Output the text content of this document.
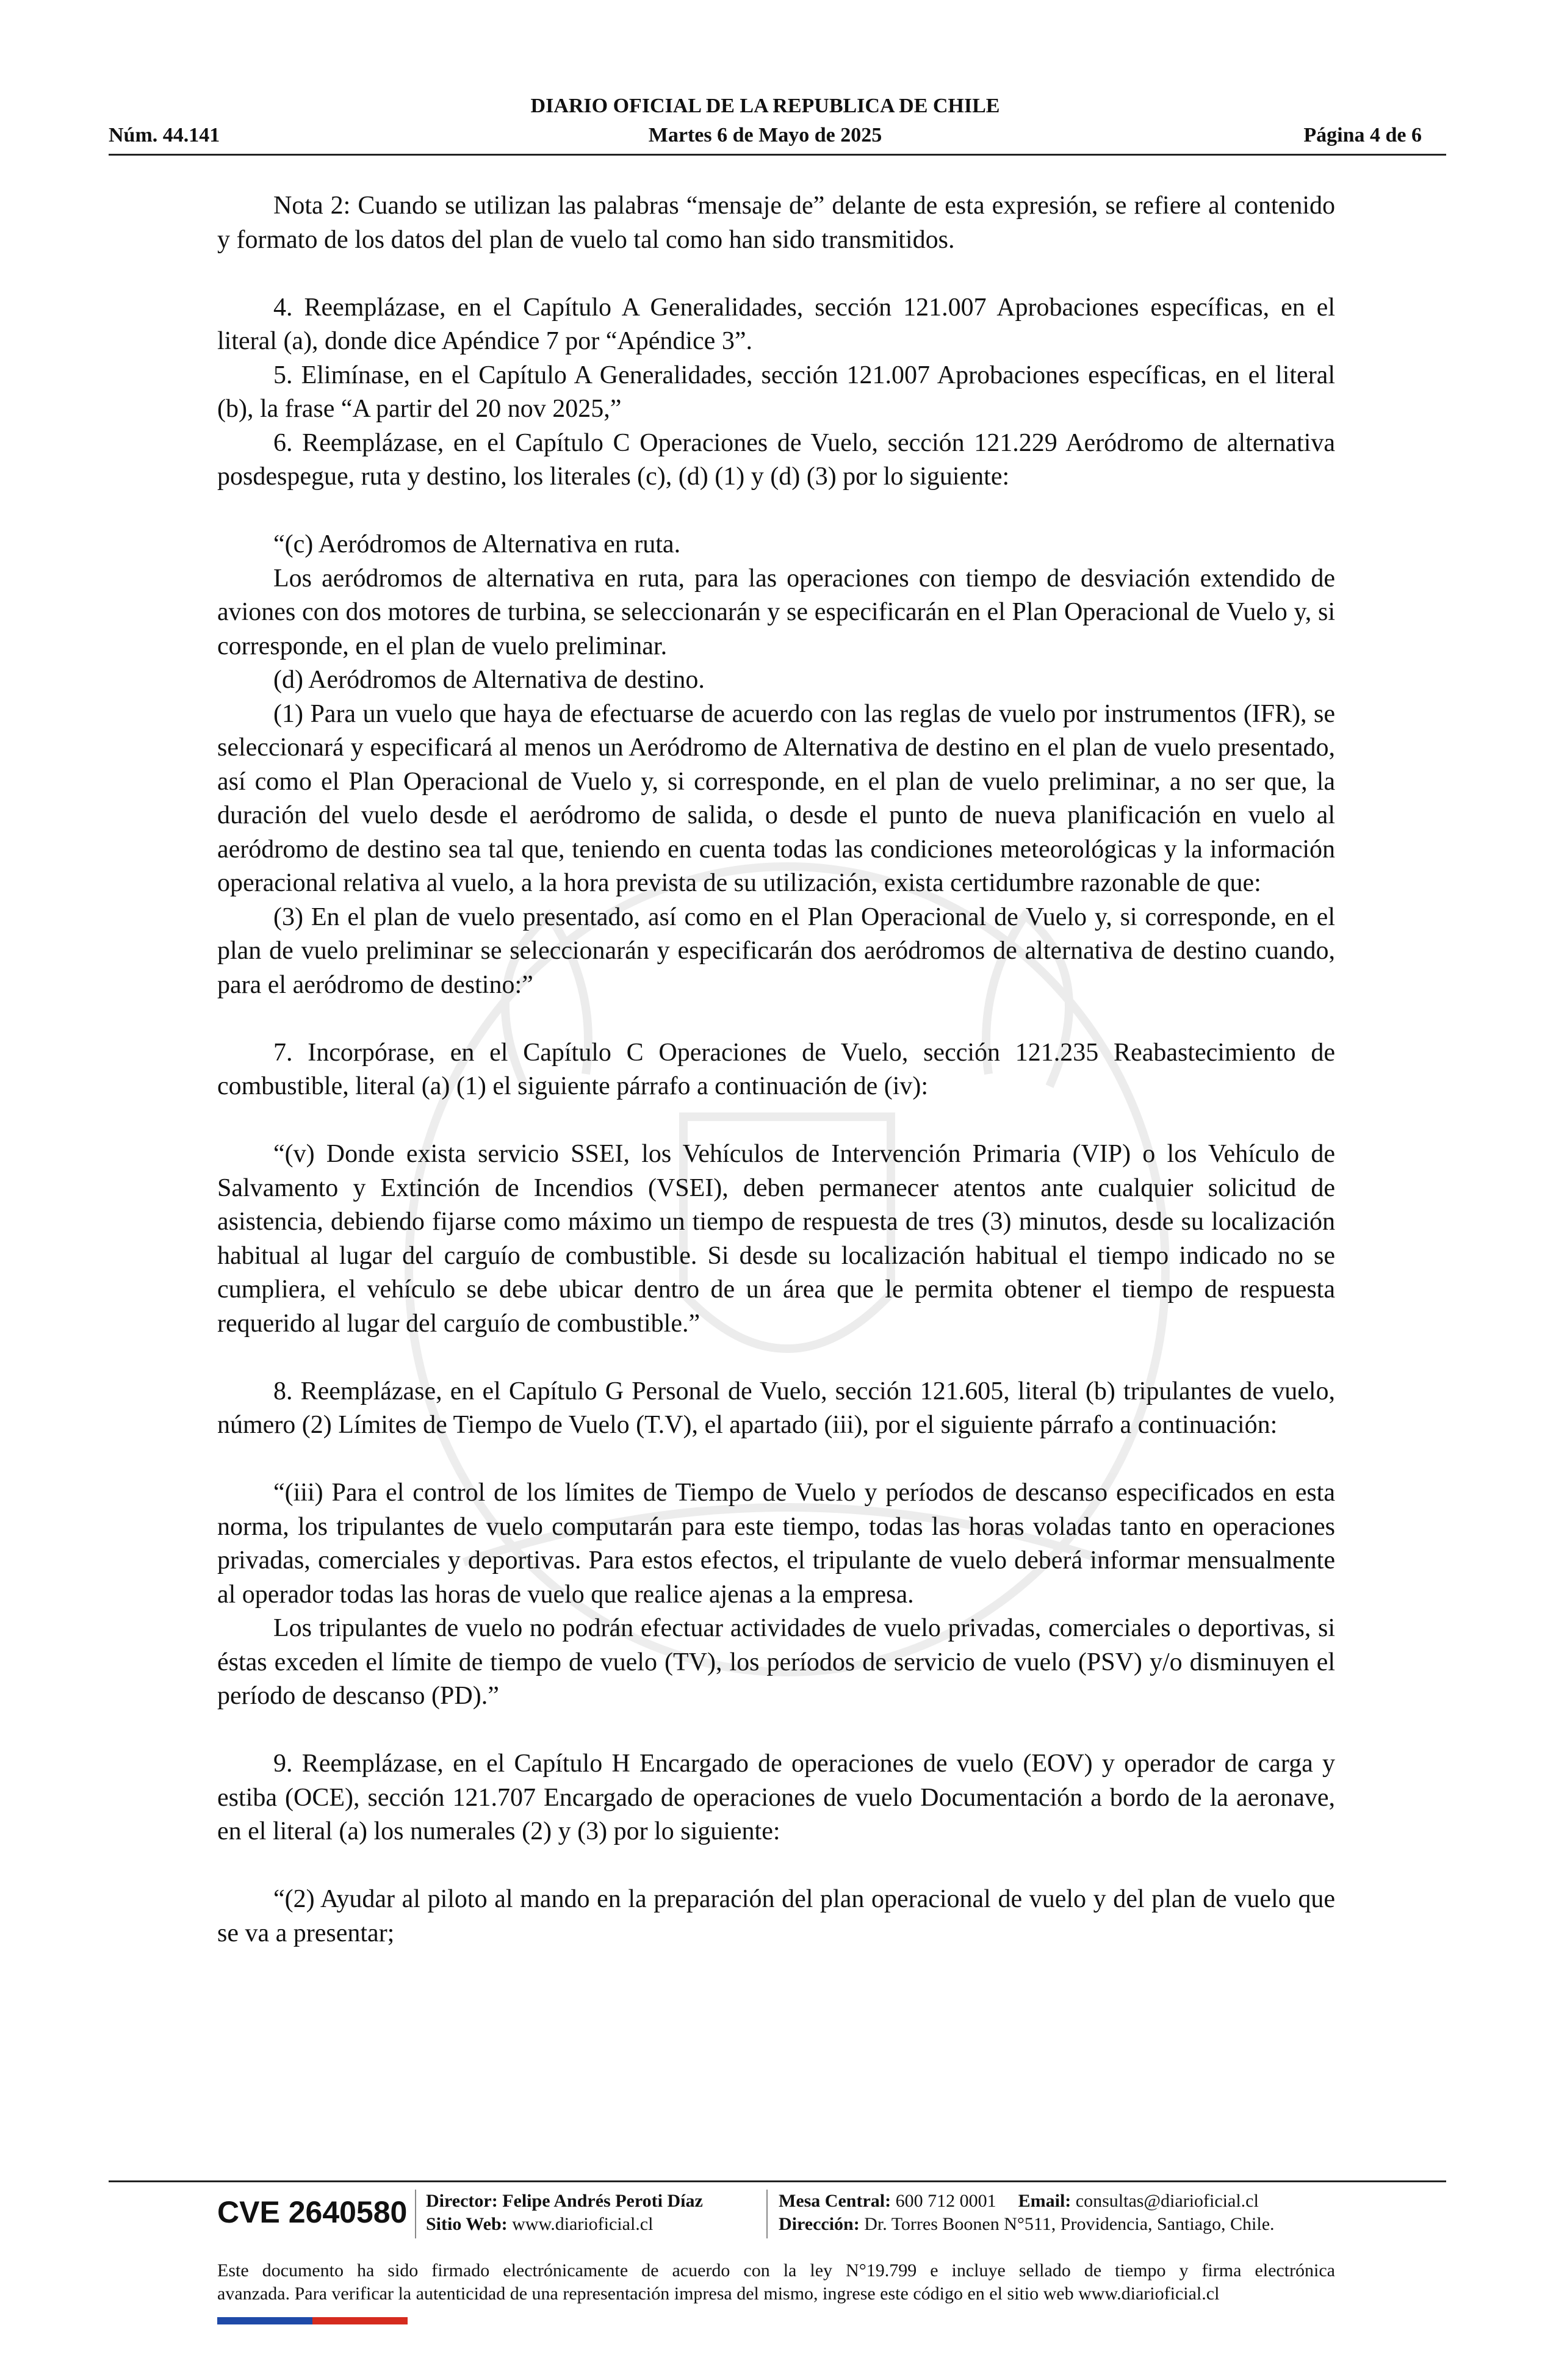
DIARIO OFICIAL DE LA REPUBLICA DE CHILE
Núm. 44.141	Martes 6 de Mayo de 2025	Página 4 de 6

Nota 2: Cuando se utilizan las palabras “mensaje de” delante de esta expresión, se refiere al contenido y formato de los datos del plan de vuelo tal como han sido transmitidos.

4. Reemplázase, en el Capítulo A Generalidades, sección 121.007 Aprobaciones específicas, en el literal (a), donde dice Apéndice 7 por “Apéndice 3”.

5. Elimínase, en el Capítulo A Generalidades, sección 121.007 Aprobaciones específicas, en el literal (b), la frase “A partir del 20 nov 2025,”

6. Reemplázase, en el Capítulo C Operaciones de Vuelo, sección 121.229 Aeródromo de alternativa posdespegue, ruta y destino, los literales (c), (d) (1) y (d) (3) por lo siguiente:

“(c) Aeródromos de Alternativa en ruta.

Los aeródromos de alternativa en ruta, para las operaciones con tiempo de desviación extendido de aviones con dos motores de turbina, se seleccionarán y se especificarán en el Plan Operacional de Vuelo y, si corresponde, en el plan de vuelo preliminar.

(d) Aeródromos de Alternativa de destino.

(1) Para un vuelo que haya de efectuarse de acuerdo con las reglas de vuelo por instrumentos (IFR), se seleccionará y especificará al menos un Aeródromo de Alternativa de destino en el plan de vuelo presentado, así como el Plan Operacional de Vuelo y, si corresponde, en el plan de vuelo preliminar, a no ser que, la duración del vuelo desde el aeródromo de salida, o desde el punto de nueva planificación en vuelo al aeródromo de destino sea tal que, teniendo en cuenta todas las condiciones meteorológicas y la información operacional relativa al vuelo, a la hora prevista de su utilización, exista certidumbre razonable de que:

(3) En el plan de vuelo presentado, así como en el Plan Operacional de Vuelo y, si corresponde, en el plan de vuelo preliminar se seleccionarán y especificarán dos aeródromos de alternativa de destino cuando, para el aeródromo de destino:”

7. Incorpórase, en el Capítulo C Operaciones de Vuelo, sección 121.235 Reabastecimiento de combustible, literal (a) (1) el siguiente párrafo a continuación de (iv):

“(v) Donde exista servicio SSEI, los Vehículos de Intervención Primaria (VIP) o los Vehículo de Salvamento y Extinción de Incendios (VSEI), deben permanecer atentos ante cualquier solicitud de asistencia, debiendo fijarse como máximo un tiempo de respuesta de tres (3) minutos, desde su localización habitual al lugar del carguío de combustible. Si desde su localización habitual el tiempo indicado no se cumpliera, el vehículo se debe ubicar dentro de un área que le permita obtener el tiempo de respuesta requerido al lugar del carguío de combustible.”

8. Reemplázase, en el Capítulo G Personal de Vuelo, sección 121.605, literal (b) tripulantes de vuelo, número (2) Límites de Tiempo de Vuelo (T.V), el apartado (iii), por el siguiente párrafo a continuación:

“(iii) Para el control de los límites de Tiempo de Vuelo y períodos de descanso especificados en esta norma, los tripulantes de vuelo computarán para este tiempo, todas las horas voladas tanto en operaciones privadas, comerciales y deportivas. Para estos efectos, el tripulante de vuelo deberá informar mensualmente al operador todas las horas de vuelo que realice ajenas a la empresa.

Los tripulantes de vuelo no podrán efectuar actividades de vuelo privadas, comerciales o deportivas, si éstas exceden el límite de tiempo de vuelo (TV), los períodos de servicio de vuelo (PSV) y/o disminuyen el período de descanso (PD).”

9. Reemplázase, en el Capítulo H Encargado de operaciones de vuelo (EOV) y operador de carga y estiba (OCE), sección 121.707 Encargado de operaciones de vuelo Documentación a bordo de la aeronave, en el literal (a) los numerales (2) y (3) por lo siguiente:

“(2) Ayudar al piloto al mando en la preparación del plan operacional de vuelo y del plan de vuelo que se va a presentar;

CVE 2640580 Director: Felipe Andrés Peroti Díaz
Sitio Web: www.diarioficial.cl
Mesa Central: 600 712 0001 Email: consultas@diarioficial.cl
Dirección: Dr. Torres Boonen N°511, Providencia, Santiago, Chile.
Este documento ha sido firmado electrónicamente de acuerdo con la ley N°19.799 e incluye sellado de tiempo y firma electrónica
avanzada. Para verificar la autenticidad de una representación impresa del mismo, ingrese este código en el sitio web www.diarioficial.cl
